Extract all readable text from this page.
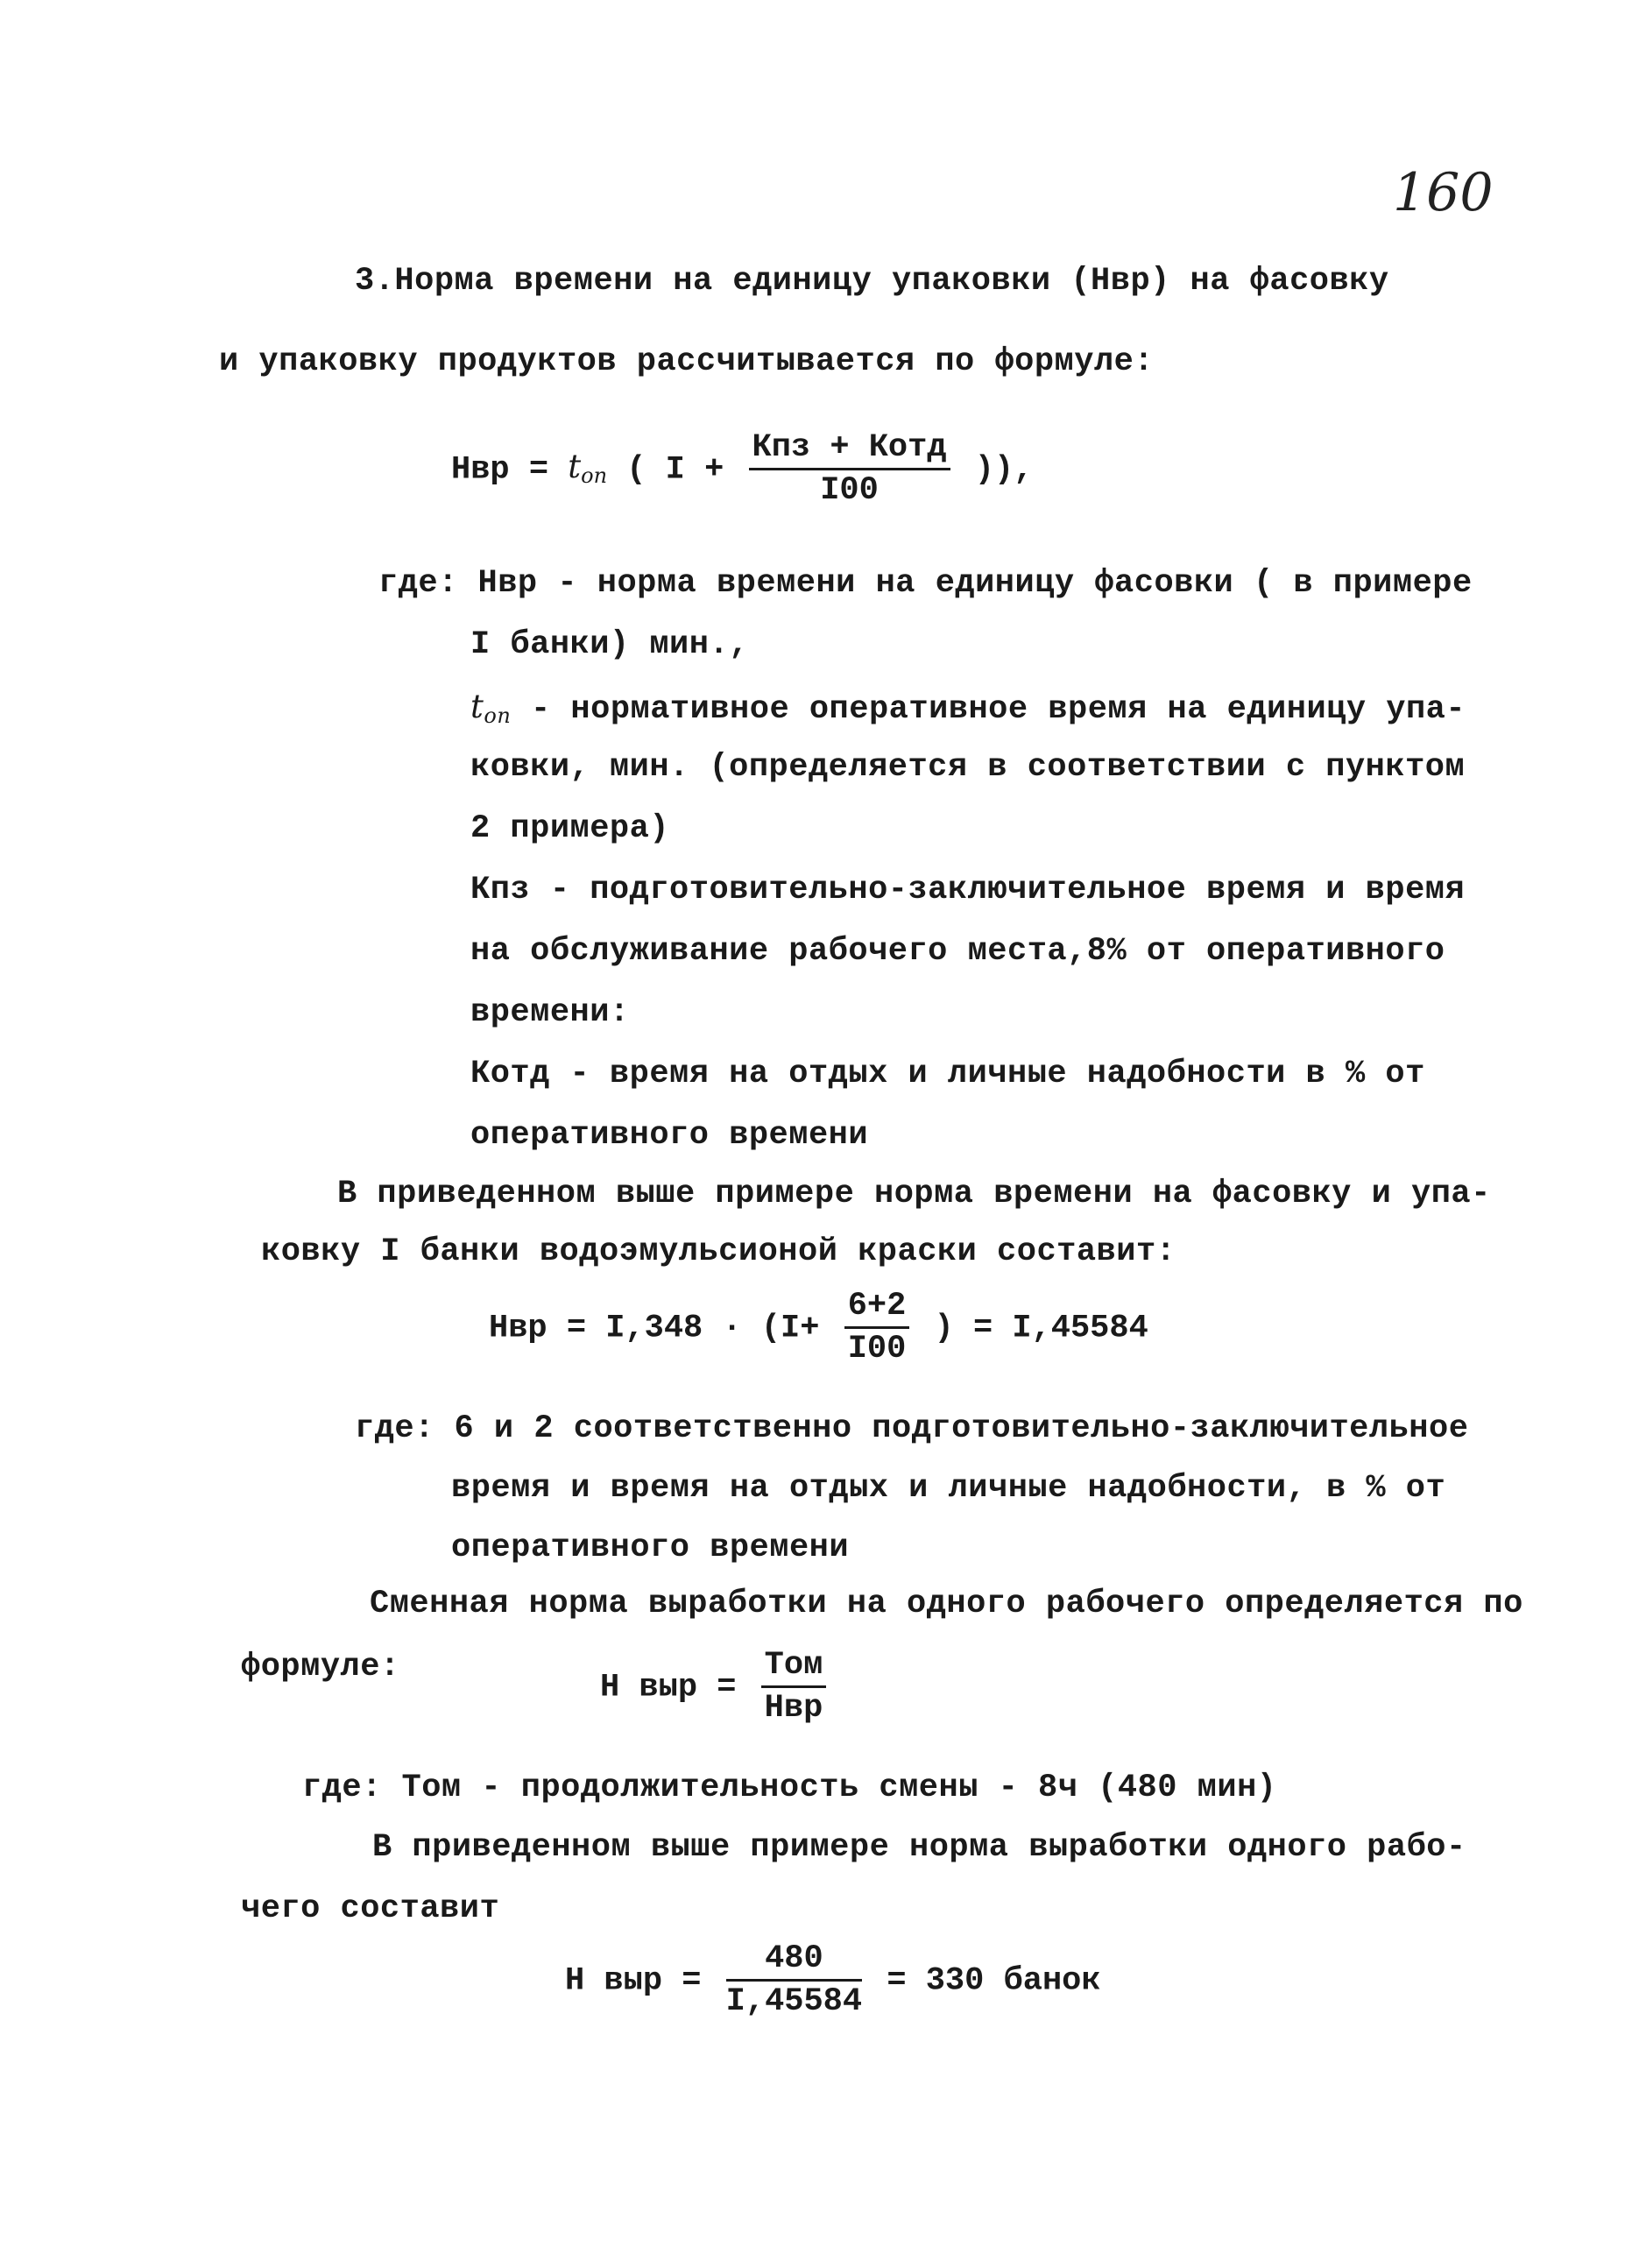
160
3.Норма времени на единицу упаковки (Нвр) на фасовку
и упаковку продуктов рассчитывается по формуле:
Нвр = $t_{оп}$ ( $I + \frac{\text{Кпз + Котд}}{I00}$ )),
где: Нвр - норма времени на единицу фасовки ( в примере
I банки) мин.,
$t_{оп}$ - нормативное оперативное время на единицу упа-
ковки, мин. (определяется в соответствии с пунктом
2 примера)
Кпз - подготовительно-заключительное время и время
на обслуживание рабочего места,8% от оперативного
времени:
Котд - время на отдых и личные надобности в % от
оперативного времени
В приведенном выше примере норма времени на фасовку и упа-
ковку I банки водоэмульсионой краски составит:
Нвр = $I,348 \cdot (I+ \frac{6+2}{I00}$ ) = I,45584
где: 6 и 2 соответственно подготовительно-заключительное
время и время на отдых и личные надобности, в % от
оперативного времени
Сменная норма выработки на одного рабочего определяется по
формуле:
Н выр = $\frac{\text{Том}}{\text{Нвр}}$
где: Том - продолжительность смены - 8ч (480 мин)
В приведенном выше примере норма выработки одного рабо-
чего составит
Н выр = $\frac{480}{I,45584} = 330$ банок
